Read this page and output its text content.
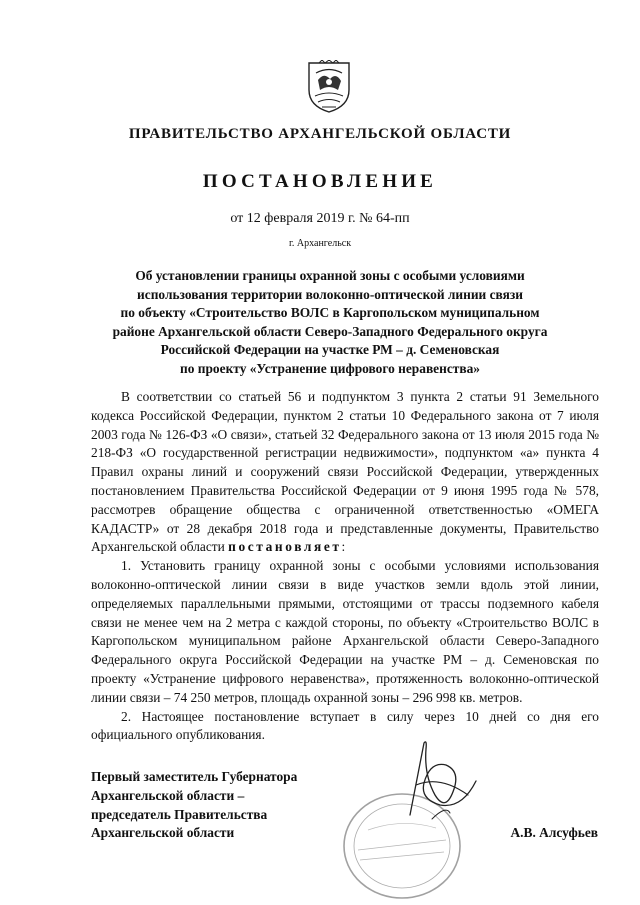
ПРАВИТЕЛЬСТВО АРХАНГЕЛЬСКОЙ ОБЛАСТИ
ПОСТАНОВЛЕНИЕ
от 12 февраля 2019 г. № 64-пп
г. Архангельск
Об установлении границы охранной зоны с особыми условиями
использования территории волоконно-оптической линии связи
по объекту «Строительство ВОЛС в Каргопольском муниципальном
районе Архангельской области Северо-Западного Федерального округа
Российской Федерации на участке РМ – д. Семеновская
по проекту «Устранение цифрового неравенства»

В соответствии со статьей 56 и подпунктом 3 пункта 2 статьи 91 Земельного кодекса Российской Федерации, пунктом 2 статьи 10 Федерального закона от 7 июля 2003 года № 126-ФЗ «О связи», статьей 32 Федерального закона от 13 июля 2015 года № 218-ФЗ «О государственной регистрации недвижимости», подпунктом «а» пункта 4 Правил охраны линий и сооружений связи Российской Федерации, утвержденных постановлением Правительства Российской Федерации от 9 июня 1995 года № 578, рассмотрев обращение общества с ограниченной ответственностью «ОМЕГА КАДАСТР» от 28 декабря 2018 года и представленные документы, Правительство Архангельской области постановляет:

1. Установить границу охранной зоны с особыми условиями использования волоконно-оптической линии связи в виде участков земли вдоль этой линии, определяемых параллельными прямыми, отстоящими от трассы подземного кабеля связи не менее чем на 2 метра с каждой стороны, по объекту «Строительство ВОЛС в Каргопольском муниципальном районе Архангельской области Северо-Западного Федерального округа Российской Федерации на участке РМ – д. Семеновская по проекту «Устранение цифрового неравенства», протяженность волоконно-оптической линии связи – 74 250 метров, площадь охранной зоны – 296 998 кв. метров.

2. Настоящее постановление вступает в силу через 10 дней со дня его официального опубликования.

Первый заместитель Губернатора
Архангельской области –
председатель Правительства
Архангельской области	А.В. Алсуфьев
